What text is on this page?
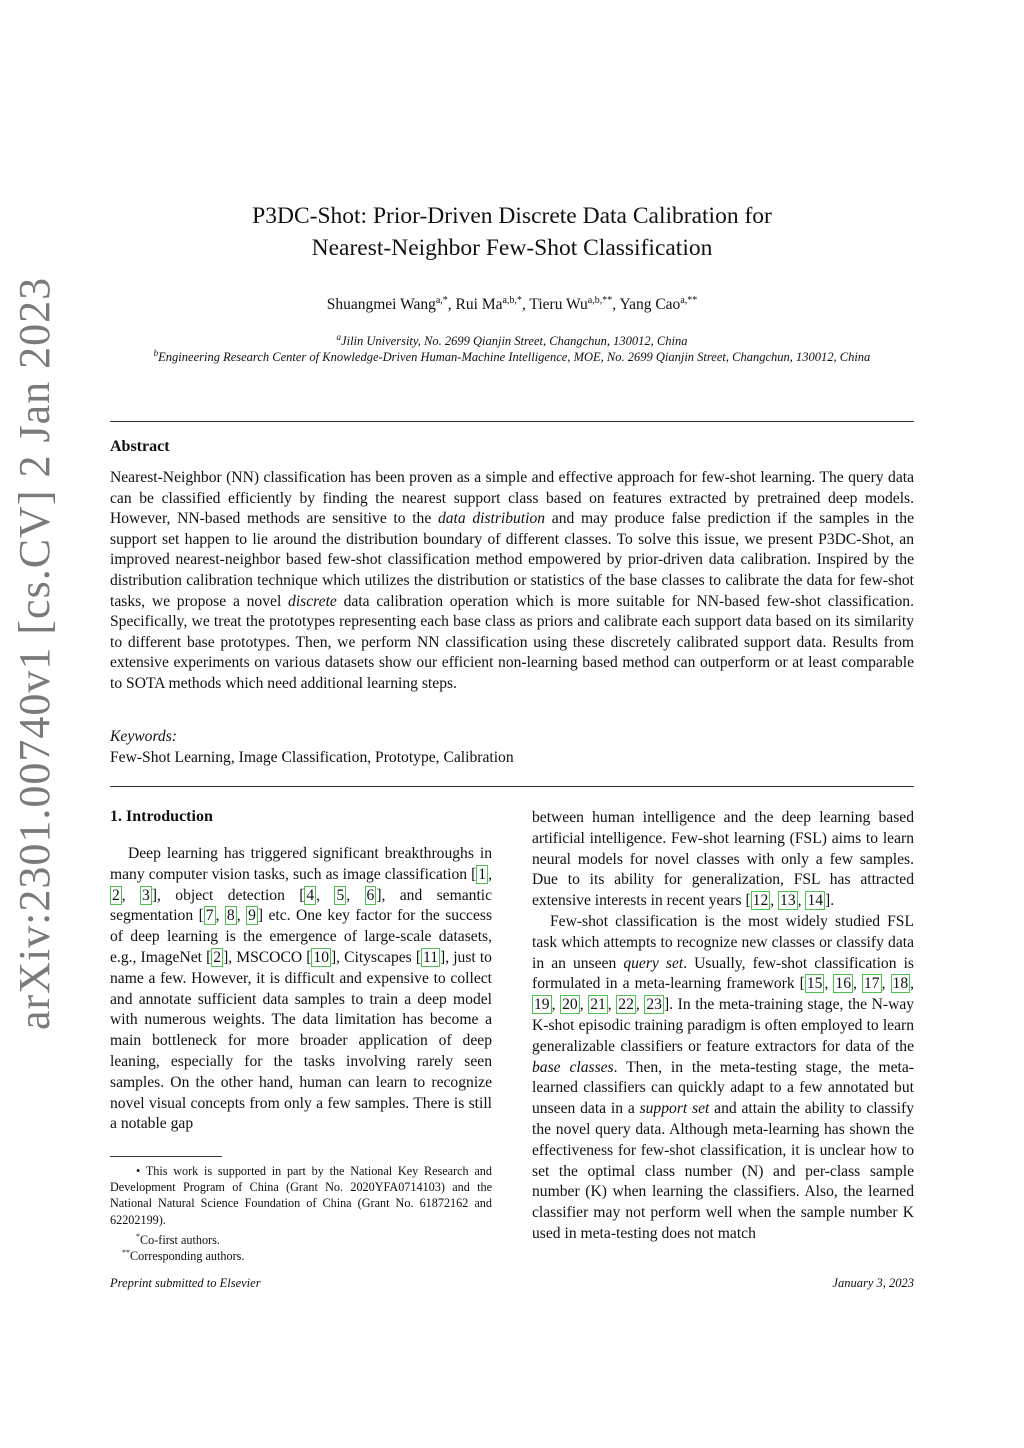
arXiv:2301.00740v1 [cs.CV] 2 Jan 2023
P3DC-Shot: Prior-Driven Discrete Data Calibration for
Nearest-Neighbor Few-Shot Classification
Shuangmei Wang$^{a,*}$, Rui $Ma^{a,b,*}$, Tieru $Wu^{a,b,**}$, Yang Cao$^{a,**}$
$^a$Jilin University, No. 2699 Qianjin Street, Changchun, 130012, China
$^b$Engineering Research Center of Knowledge-Driven Human-Machine Intelligence, MOE, No. 2699 Qianjin Street, Changchun, 130012, China
Abstract
Nearest-Neighbor (NN) classification has been proven as a simple and effective approach for few-shot learning. The query data can be classified efficiently by finding the nearest support class based on features extracted by pretrained deep models. However, NN-based methods are sensitive to the data distribution and may produce false prediction if the samples in the support set happen to lie around the distribution boundary of different classes. To solve this issue, we present P3DC-Shot, an improved nearest-neighbor based few-shot classification method empowered by prior-driven data calibration. Inspired by the distribution calibration technique which utilizes the distribution or statistics of the base classes to calibrate the data for few-shot tasks, we propose a novel discrete data calibration operation which is more suitable for NN-based few-shot classification. Specifically, we treat the prototypes representing each base class as priors and calibrate each support data based on its similarity to different base prototypes. Then, we perform NN classification using these discretely calibrated support data. Results from extensive experiments on various datasets show our efficient non-learning based method can outperform or at least comparable to SOTA methods which need additional learning steps.
Keywords:
Few-Shot Learning, Image Classification, Prototype, Calibration
1. Introduction
Deep learning has triggered significant breakthroughs in many computer vision tasks, such as image classification [ 1 , 2 , 3 ], object detection [ 4 , 5 , 6 ], and semantic segmentation [ 7 , 8 , 9 ] etc. One key factor for the success of deep learning is the emergence of large-scale datasets, e.g., ImageNet [ 2 ], MSCOCO [ 10 ], Cityscapes [ 11 ], just to name a few. However, it is difficult and expensive to collect and annotate sufficient data samples to train a deep model with numerous weights. The data limitation has become a main bottleneck for more broader application of deep leaning, especially for the tasks involving rarely seen samples. On the other hand, human can learn to recognize novel visual concepts from only a few samples. There is still a notable gap
• This work is supported in part by the National Key Research and Development Program of China (Grant No. 2020YFA0714103) and the National Natural Science Foundation of China (Grant No. 61872162 and 62202199).
*Co-first authors.
**Corresponding authors.

between human intelligence and the deep learning based artificial intelligence. Few-shot learning (FSL) aims to learn neural models for novel classes with only a few samples. Due to its ability for generalization, FSL has attracted extensive interests in recent years [ 12 , 13 , 14 ].

Few-shot classification is the most widely studied FSL task which attempts to recognize new classes or classify data in an unseen query set. Usually, few-shot classification is formulated in a meta-learning framework [ 15 , 16 , 17 , 18 , 19 , 20 , 21 , 22 , 23 ]. In the meta-training stage, the N-way K-shot episodic training paradigm is often employed to learn generalizable classifiers or feature extractors for data of the base classes. Then, in the meta-testing stage, the meta-learned classifiers can quickly adapt to a few annotated but unseen data in a support set and attain the ability to classify the novel query data. Although meta-learning has shown the effectiveness for few-shot classification, it is unclear how to set the optimal class number (N) and per-class sample number (K) when learning the classifiers. Also, the learned classifier may not perform well when the sample number K used in meta-testing does not match

Preprint submitted to Elsevier	January 3, 2023
